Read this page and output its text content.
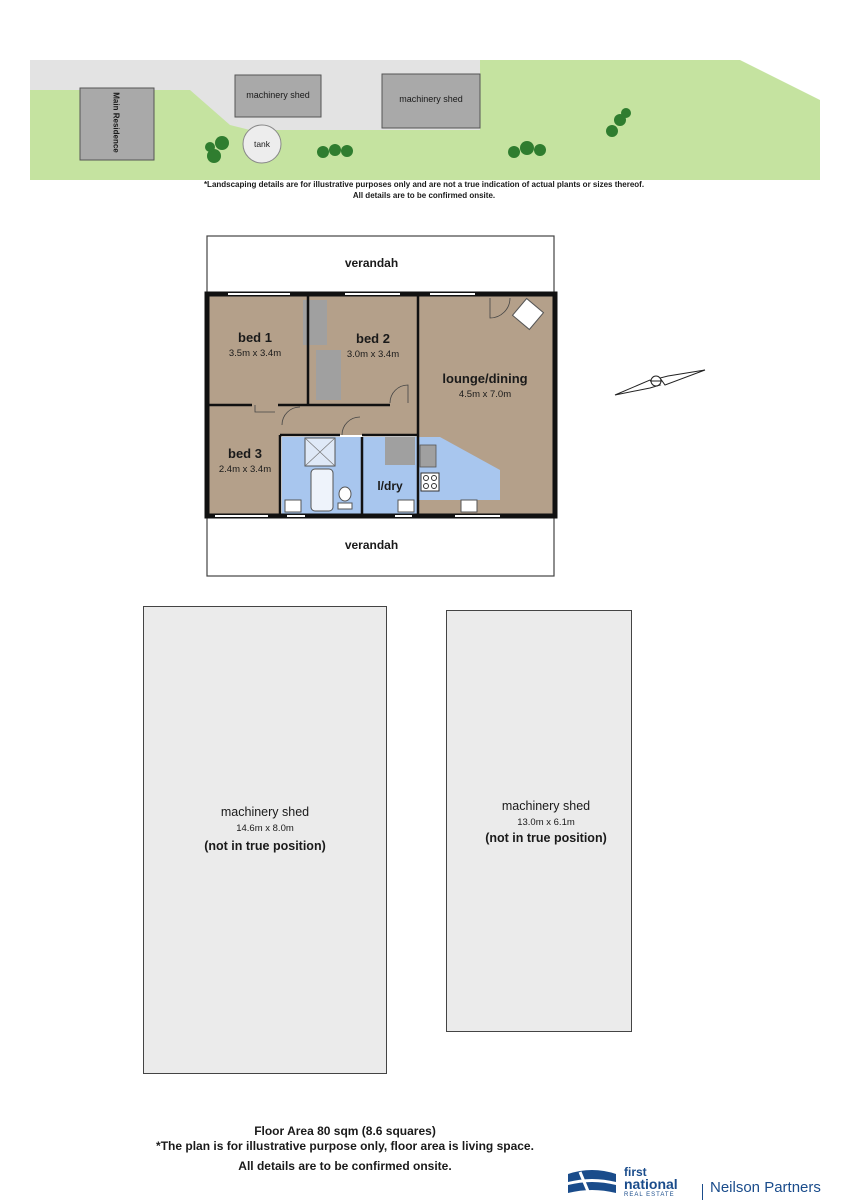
Main Residence	machinery shed	machinery shed
tank
*Landscaping details are for illustrative purposes only and are not a true indication of actual plants or sizes thereof.
All details are to be confirmed onsite.
verandah
verandah
bed 1
3.5m x 3.4m
bed 2
3.0m x 3.4m
lounge/dining
4.5m x 7.0m
bed 3
2.4m x 3.4m
l/dry
machinery shed
14.6m x 8.0m
(not in true position)
machinery shed
13.0m x 6.1m
(not in true position)
Floor Area 80 sqm (8.6 squares)
*The plan is for illustrative purpose only, floor area is living space.
All details are to be confirmed onsite.	first
national
REAL ESTATE Neilson Partners
